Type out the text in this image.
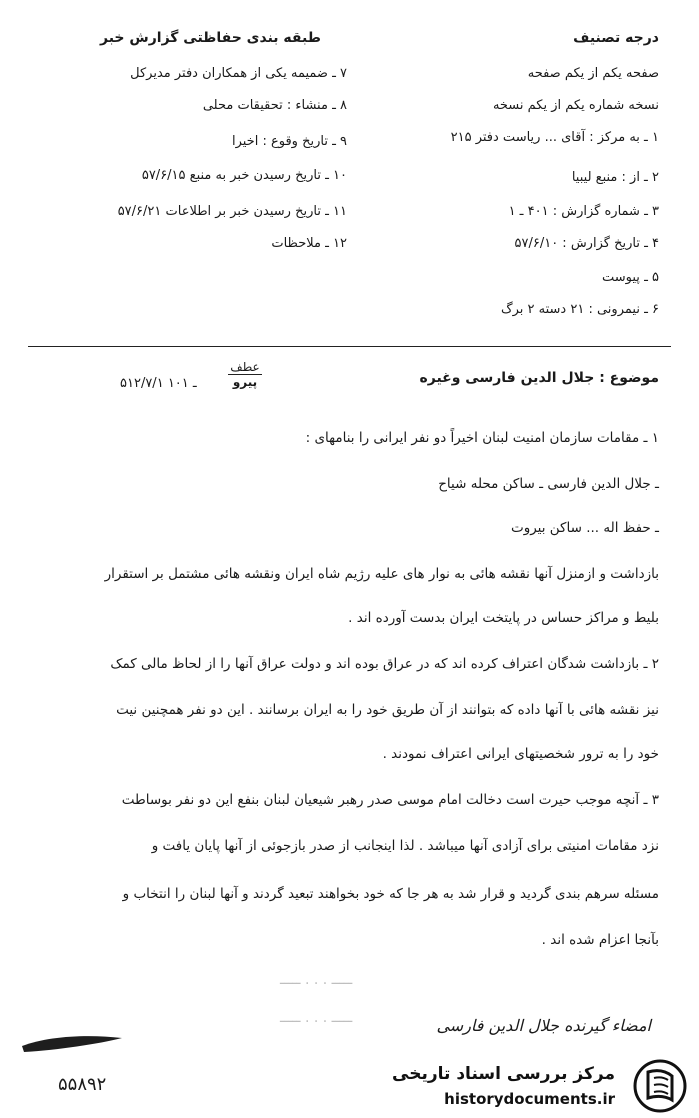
درجه تصنیف
طبقه بندی حفاظتی گزارش خبر
صفحه یکم از یکم صفحه
نسخه شماره یکم از یکم نسخه
۱ ـ به مرکز : آقای ... ریاست دفتر ۲۱۵
۲ ـ از : منبع لیبیا
۳ ـ شماره گزارش : ۴۰۱ ـ ۱
۴ ـ تاریخ گزارش : ۵۷/۶/۱۰
۵ ـ پیوست
۶ ـ نیمرونی : ۲۱ دسته ۲ برگ
۷ ـ ضمیمه یکی از همکاران دفتر مدیرکل
۸ ـ منشاء : تحقیقات محلی
۹ ـ تاریخ وقوع : اخیرا
۱۰ ـ تاریخ رسیدن خبر به منبع ۵۷/۶/۱۵
۱۱ ـ تاریخ رسیدن خبر بر اطلاعات ۵۷/۶/۲۱
۱۲ ـ ملاحظات
موضوع : جلال الدین فارسی وغیره
عطف
پیرو
۵۱۲/۷/۱ ـ ۱۰۱
۱ ـ مقامات سازمان امنیت لبنان اخیراً دو نفر ایرانی را بنامهای :
ـ جلال الدین فارسی ـ ساکن محله شیاح
ـ حفظ اله ... ساکن بیروت
بازداشت و ازمنزل آنها نقشه هائی به نوار های علیه رژیم شاه ایران ونقشه هائی مشتمل بر استقرار
بلیط و مراکز حساس در پایتخت ایران بدست آورده اند .
۲ ـ بازداشت شدگان اعتراف کرده اند که در عراق بوده اند و دولت عراق آنها را از لحاظ مالی کمک
نیز نقشه هائی با آنها داده که بتوانند از آن طریق خود را به ایران برسانند . این دو نفر همچنین نیت
خود را به ترور شخصیتهای ایرانی اعتراف نمودند .
۳ ـ آنچه موجب حیرت است دخالت امام موسی صدر رهبر شیعیان لبنان بنفع این دو نفر بوساطت
نزد مقامات امنیتی برای آزادی آنها میباشد . لذا اینجانب از صدر بازجوئی از آنها پایان یافت و
مسئله سرهم بندی گردید و قرار شد به هر جا که خود بخواهند تبعید گردند و آنها لبنان را انتخاب و
بآنجا اعزام شده اند .
ـــــ . . . ـــــ
ـــــ . . . ـــــ	امضاء گیرنده جلال الدین فارسی
۵۵۸۹۲	مرکز بررسی اسناد تاریخی
historydocuments.ir
